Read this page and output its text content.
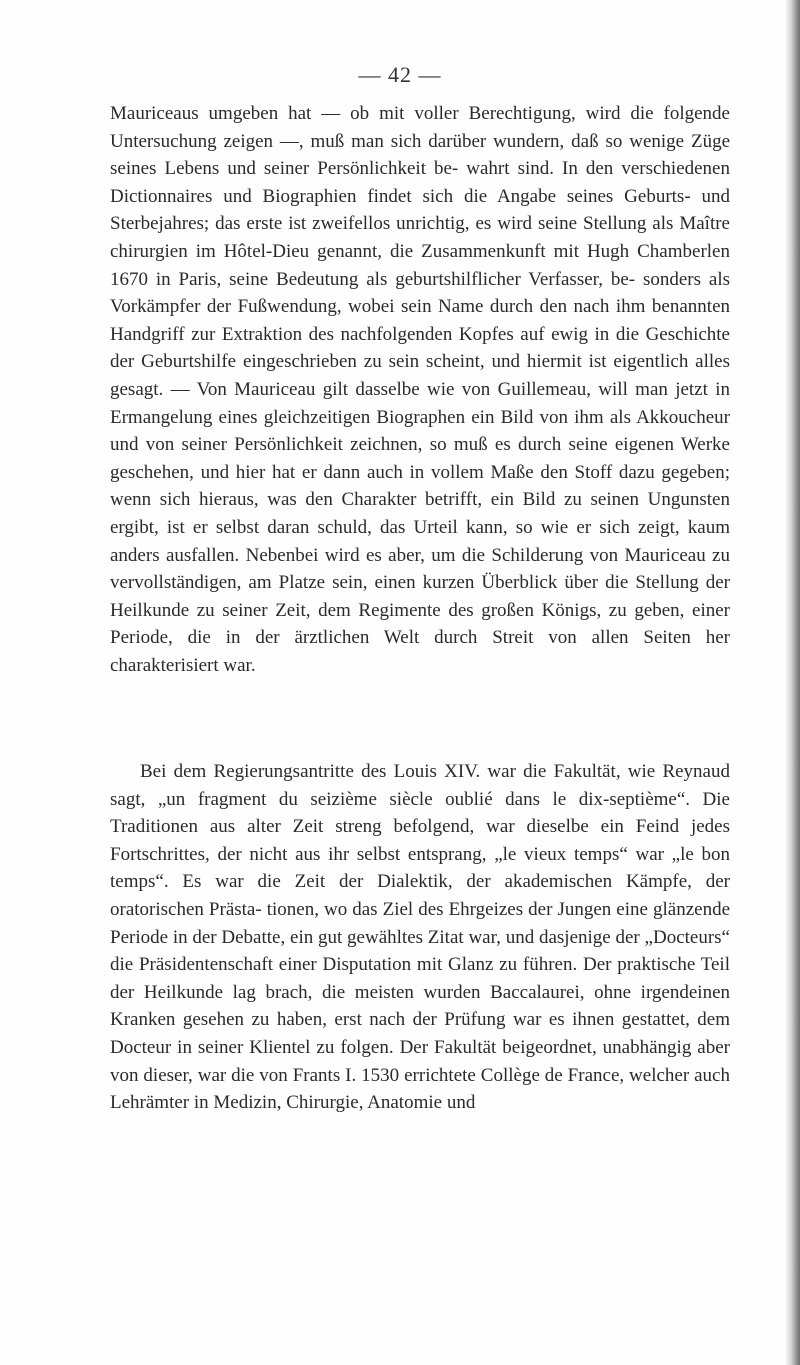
— 42 —

Mauriceaus umgeben hat — ob mit voller Berechtigung, wird die folgende Untersuchung zeigen —, muß man sich darüber wundern, daß so wenige Züge seines Lebens und seiner Persönlichkeit be- wahrt sind. In den verschiedenen Dictionnaires und Biographien findet sich die Angabe seines Geburts- und Sterbejahres; das erste ist zweifellos unrichtig, es wird seine Stellung als Maître chirurgien im Hôtel-Dieu genannt, die Zusammenkunft mit Hugh Chamberlen 1670 in Paris, seine Bedeutung als geburtshilflicher Verfasser, be- sonders als Vorkämpfer der Fußwendung, wobei sein Name durch den nach ihm benannten Handgriff zur Extraktion des nachfolgenden Kopfes auf ewig in die Geschichte der Geburtshilfe eingeschrieben zu sein scheint, und hiermit ist eigentlich alles gesagt. — Von Mauriceau gilt dasselbe wie von Guillemeau, will man jetzt in Ermangelung eines gleichzeitigen Biographen ein Bild von ihm als Akkoucheur und von seiner Persönlichkeit zeichnen, so muß es durch seine eigenen Werke geschehen, und hier hat er dann auch in vollem Maße den Stoff dazu gegeben; wenn sich hieraus, was den Charakter betrifft, ein Bild zu seinen Ungunsten ergibt, ist er selbst daran schuld, das Urteil kann, so wie er sich zeigt, kaum anders ausfallen. Nebenbei wird es aber, um die Schilderung von Mauriceau zu vervollständigen, am Platze sein, einen kurzen Überblick über die Stellung der Heilkunde zu seiner Zeit, dem Regimente des großen Königs, zu geben, einer Periode, die in der ärztlichen Welt durch Streit von allen Seiten her charakterisiert war.

Bei dem Regierungsantritte des Louis XIV. war die Fakultät, wie Reynaud sagt, „un fragment du seizième siècle oublié dans le dix-septième“. Die Traditionen aus alter Zeit streng befolgend, war dieselbe ein Feind jedes Fortschrittes, der nicht aus ihr selbst entsprang, „le vieux temps“ war „le bon temps“. Es war die Zeit der Dialektik, der akademischen Kämpfe, der oratorischen Prästa- tionen, wo das Ziel des Ehrgeizes der Jungen eine glänzende Periode in der Debatte, ein gut gewähltes Zitat war, und dasjenige der „Docteurs“ die Präsidentenschaft einer Disputation mit Glanz zu führen. Der praktische Teil der Heilkunde lag brach, die meisten wurden Baccalaurei, ohne irgendeinen Kranken gesehen zu haben, erst nach der Prüfung war es ihnen gestattet, dem Docteur in seiner Klientel zu folgen. Der Fakultät beigeordnet, unabhängig aber von dieser, war die von Frants I. 1530 errichtete Collège de France, welcher auch Lehrämter in Medizin, Chirurgie, Anatomie und
